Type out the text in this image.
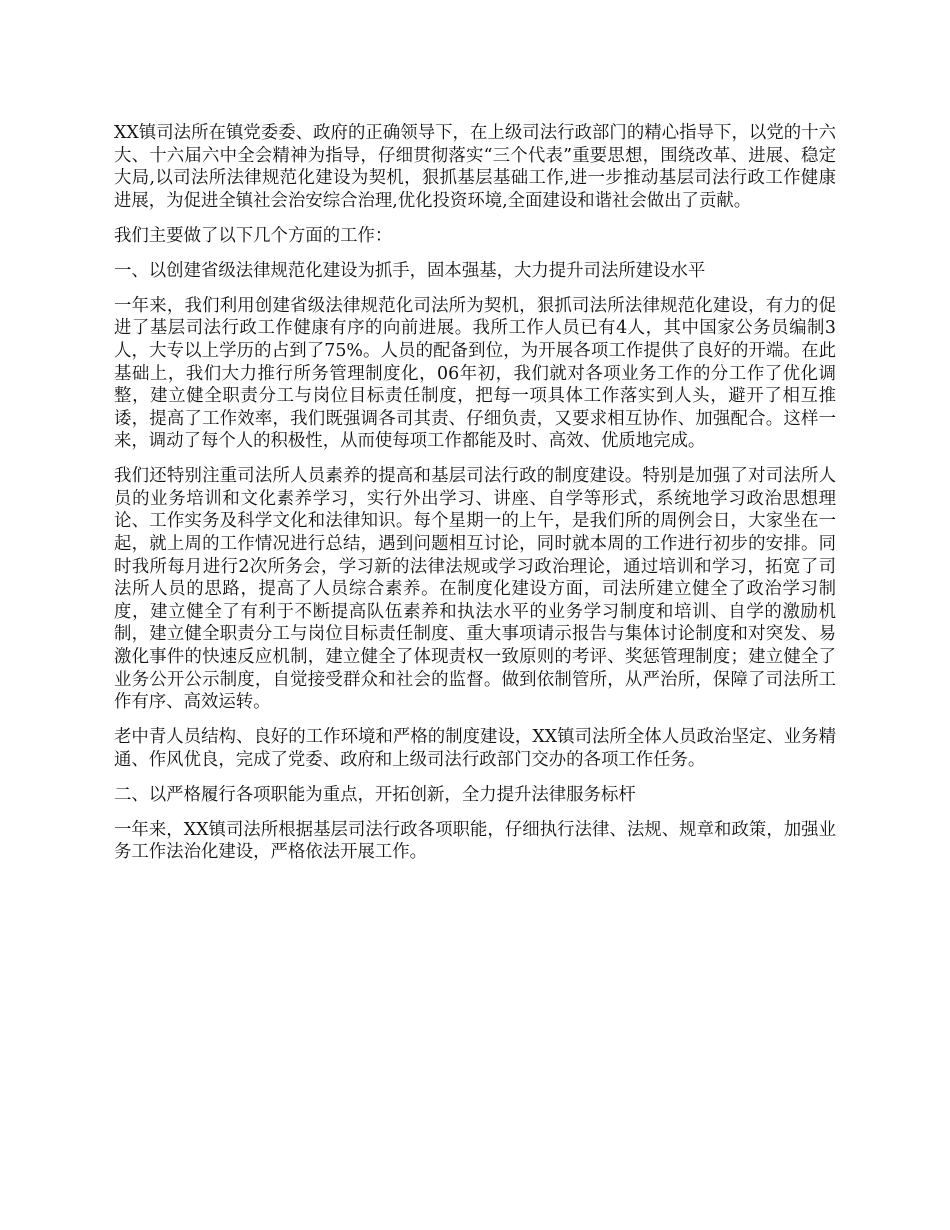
XX镇司法所在镇党委委、政府的正确领导下，在上级司法行政部门的精心指导下，以党的十六大、十六届六中全会精神为指导，仔细贯彻落实“三个代表”重要思想，围绕改革、进展、稳定大局,以司法所法律规范化建设为契机，狠抓基层基础工作,进一步推动基层司法行政工作健康进展，为促进全镇社会治安综合治理,优化投资环境,全面建设和谐社会做出了贡献。

我们主要做了以下几个方面的工作：

一、以创建省级法律规范化建设为抓手，固本强基，大力提升司法所建设水平

一年来，我们利用创建省级法律规范化司法所为契机，狠抓司法所法律规范化建设，有力的促进了基层司法行政工作健康有序的向前进展。我所工作人员已有4人，其中国家公务员编制3人，大专以上学历的占到了75%。人员的配备到位，为开展各项工作提供了良好的开端。在此基础上，我们大力推行所务管理制度化，06年初，我们就对各项业务工作的分工作了优化调整，建立健全职责分工与岗位目标责任制度，把每一项具体工作落实到人头，避开了相互推诿，提高了工作效率，我们既强调各司其责、仔细负责，又要求相互协作、加强配合。这样一来，调动了每个人的积极性，从而使每项工作都能及时、高效、优质地完成。

我们还特别注重司法所人员素养的提高和基层司法行政的制度建设。特别是加强了对司法所人员的业务培训和文化素养学习，实行外出学习、讲座、自学等形式，系统地学习政治思想理论、工作实务及科学文化和法律知识。每个星期一的上午，是我们所的周例会日，大家坐在一起，就上周的工作情况进行总结，遇到问题相互讨论，同时就本周的工作进行初步的安排。同时我所每月进行2次所务会，学习新的法律法规或学习政治理论，通过培训和学习，拓宽了司法所人员的思路，提高了人员综合素养。在制度化建设方面，司法所建立健全了政治学习制度，建立健全了有利于不断提高队伍素养和执法水平的业务学习制度和培训、自学的激励机制，建立健全职责分工与岗位目标责任制度、重大事项请示报告与集体讨论制度和对突发、易激化事件的快速反应机制，建立健全了体现责权一致原则的考评、奖惩管理制度；建立健全了业务公开公示制度，自觉接受群众和社会的监督。做到依制管所，从严治所，保障了司法所工作有序、高效运转。

老中青人员结构、良好的工作环境和严格的制度建设，XX镇司法所全体人员政治坚定、业务精通、作风优良，完成了党委、政府和上级司法行政部门交办的各项工作任务。

二、以严格履行各项职能为重点，开拓创新，全力提升法律服务标杆

一年来，XX镇司法所根据基层司法行政各项职能，仔细执行法律、法规、规章和政策，加强业务工作法治化建设，严格依法开展工作。
